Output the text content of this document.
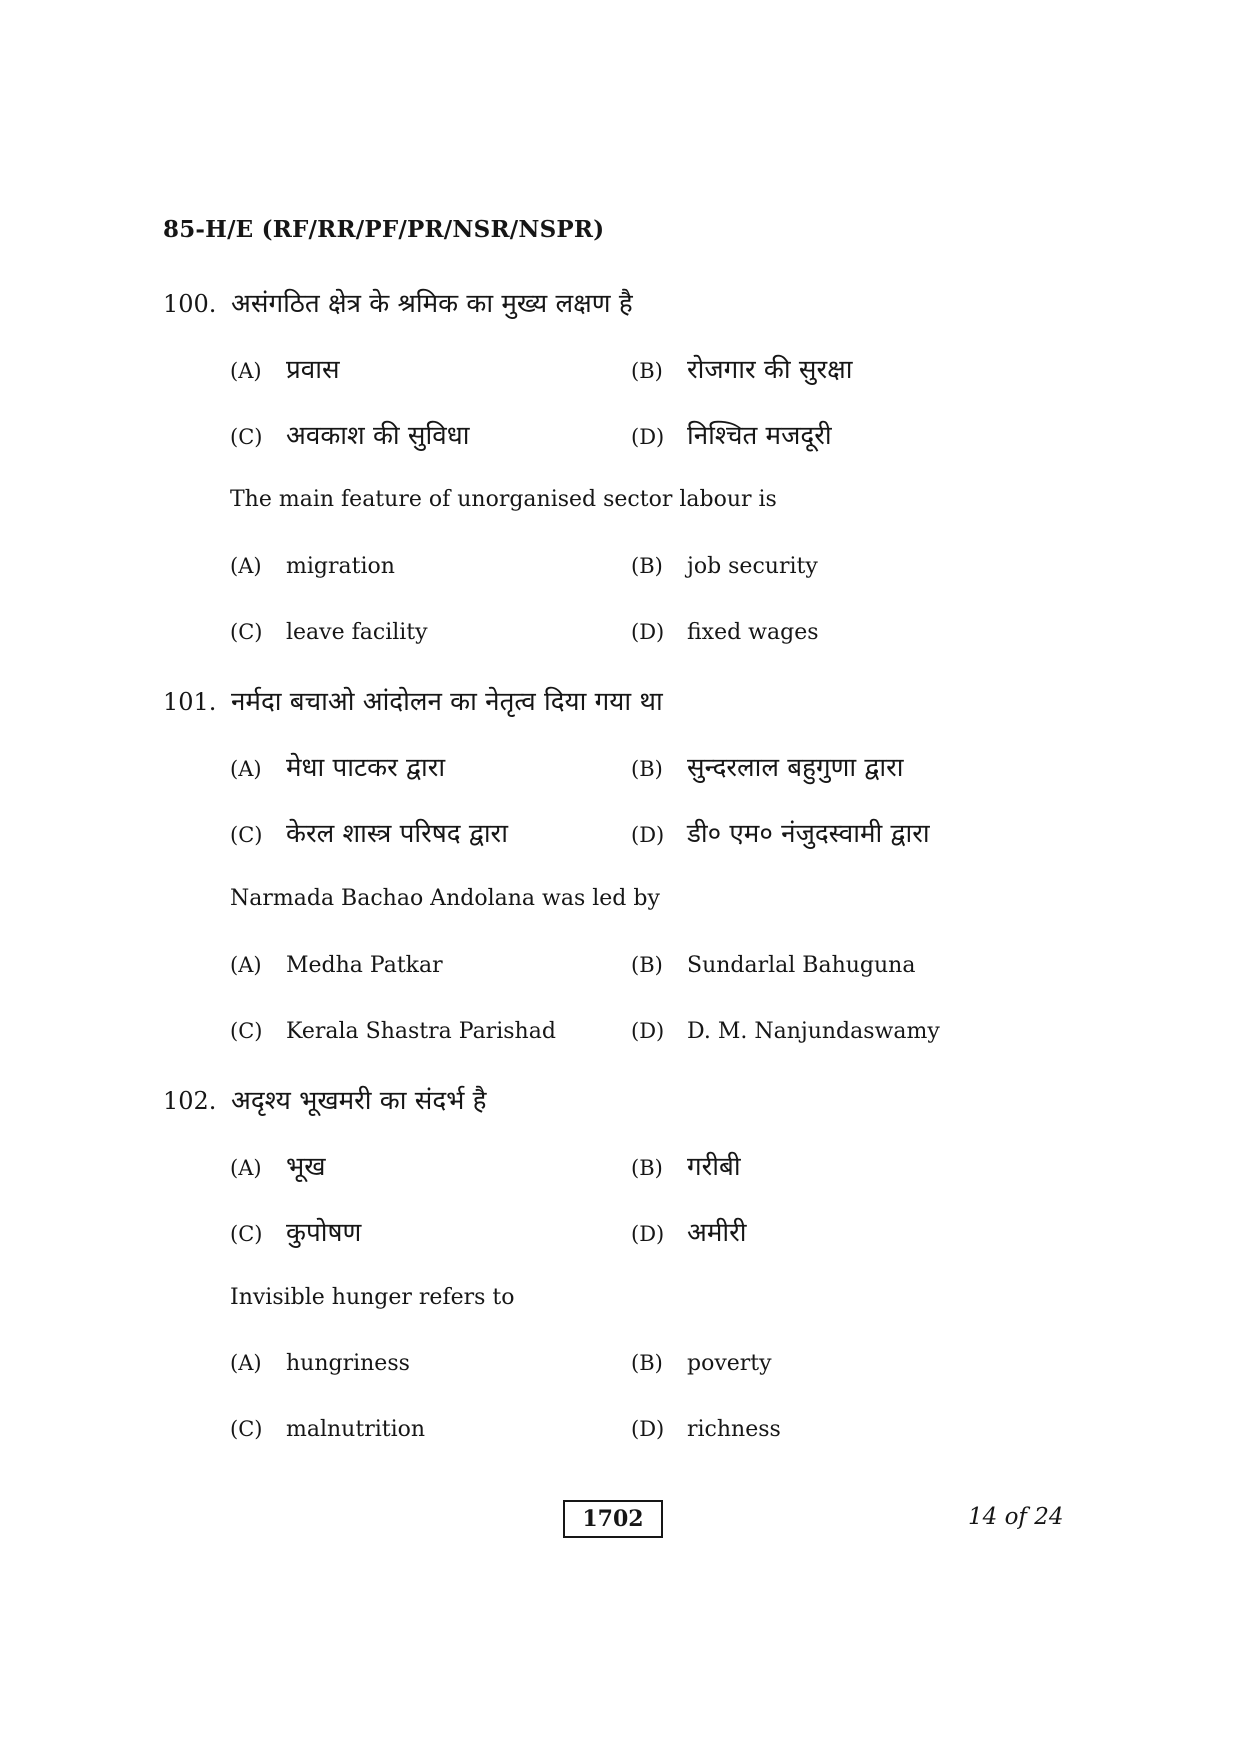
85-H/E (RF/RR/PF/PR/NSR/NSPR)
100. असंगठित क्षेत्र के श्रमिक का मुख्य लक्षण है
(A) प्रवास	(B) रोजगार की सुरक्षा
(C) अवकाश की सुविधा	(D) निश्चित मजदूरी
The main feature of unorganised sector labour is
(A)	migration	(B)	job security
(C)	leave facility	(D)	fixed wages
101. नर्मदा बचाओ आंदोलन का नेतृत्व दिया गया था
(A) मेधा पाटकर द्वारा	(B) सुन्दरलाल बहुगुणा द्वारा
(C) केरल शास्त्र परिषद द्वारा	(D) डी० एम० नंजुदस्वामी द्वारा
Narmada Bachao Andolana was led by
(A)	Medha Patkar	(B)	Sundarlal Bahuguna
(C)	Kerala Shastra Parishad	(D)	D. M. Nanjundaswamy
102. अदृश्य भूखमरी का संदर्भ है
(A) भूख	(B) गरीबी
(C) कुपोषण	(D) अमीरी
Invisible hunger refers to
(A)	hungriness	(B)	poverty
(C)	malnutrition	(D)	richness
1702	14 of 24
